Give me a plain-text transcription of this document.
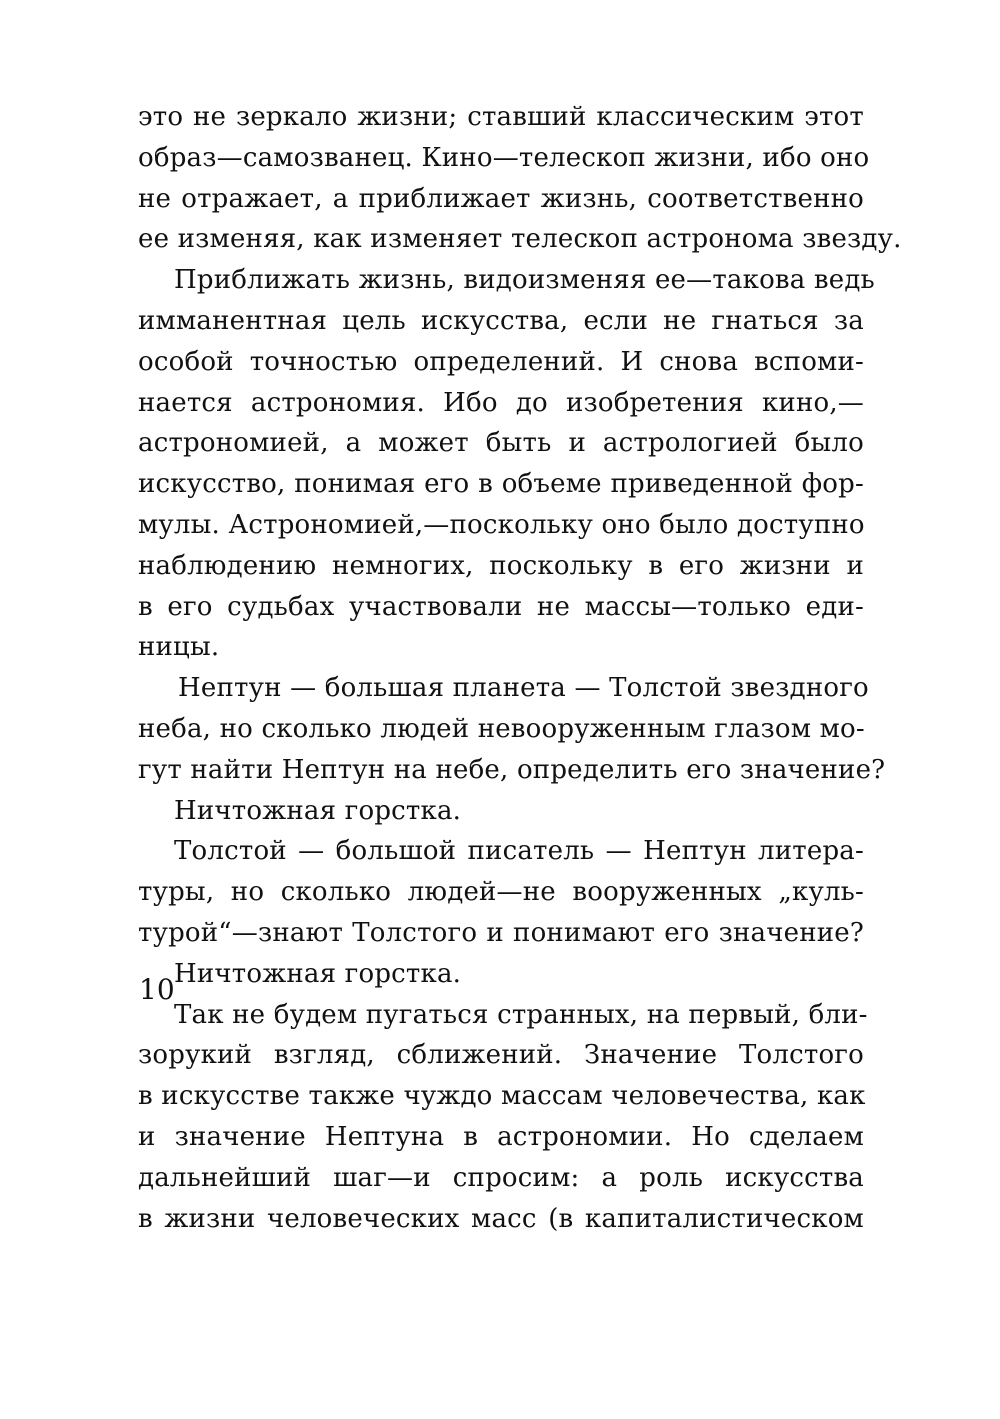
это не зеркало жизни; ставший классическим этот
образ—самозванец. Кино—телескоп жизни, ибо оно
не отражает, а приближает жизнь, соответственно
ее изменяя, как изменяет телескоп астронома звезду.
Приближать жизнь, видоизменяя ее—такова ведь
имманентная цель искусства, если не гнаться за
особой точностью определений. И снова вспоми-
нается астрономия. Ибо до изобретения кино,—
астрономией, а может быть и астрологией было
искусство, понимая его в объеме приведенной фор-
мулы. Астрономией,—поскольку оно было доступно
наблюдению немногих, поскольку в его жизни и
в его судьбах участвовали не массы—только еди-
ницы.
Нептун — большая планета — Толстой звездного
неба, но сколько людей невооруженным глазом мо-
гут найти Нептун на небе, определить его значение?
Ничтожная горстка.
Толстой — большой писатель — Нептун литера-
туры, но сколько людей—не вооруженных „куль-
турой“—знают Толстого и понимают его значение?
Ничтожная горстка.
Так не будем пугаться странных, на первый, бли-
зорукий взгляд, сближений. Значение Толстого
в искусстве также чуждо массам человечества, как
и значение Нептуна в астрономии. Но сделаем
дальнейший шаг—и спросим: а роль искусства
в жизни человеческих масс (в капиталистическом
10
